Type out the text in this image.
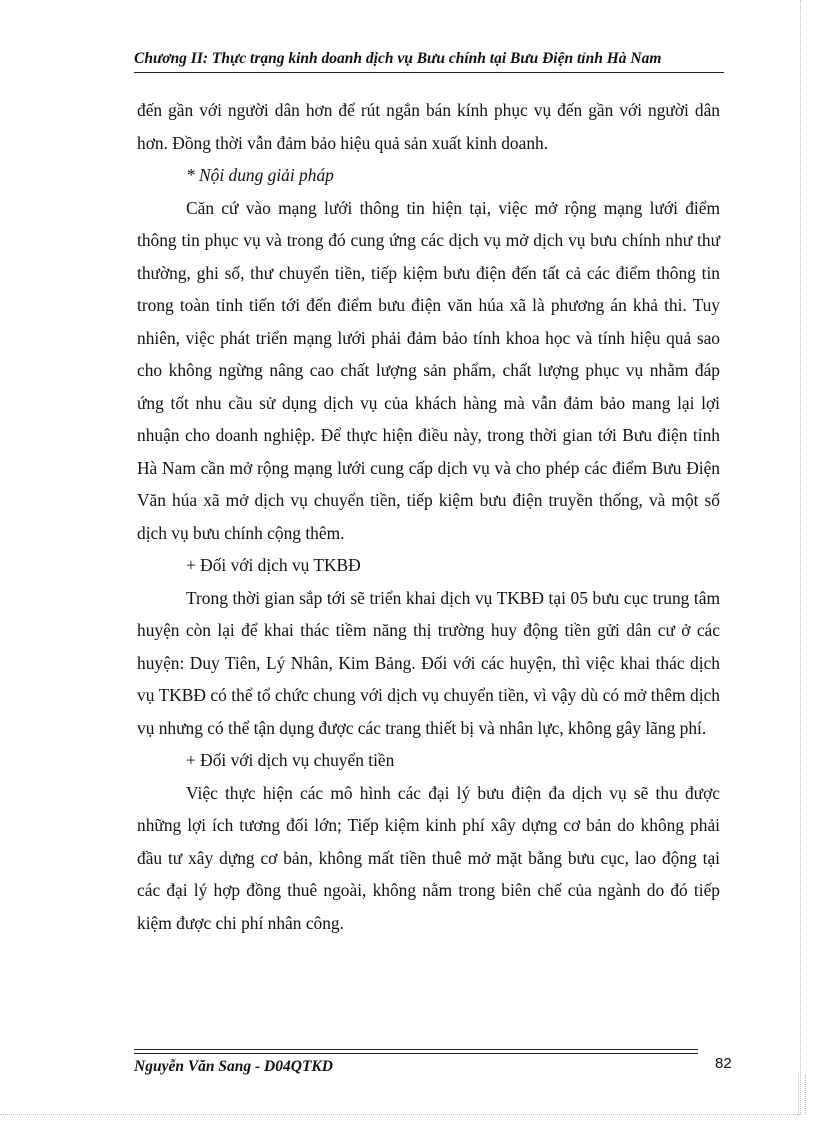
Chương II: Thực trạng kinh doanh dịch vụ Bưu chính tại Bưu Điện tỉnh Hà Nam

đến gần với người dân hơn để rút ngắn bán kính phục vụ đến gần với người dân hơn. Đồng thời vẫn đảm bảo hiệu quả sản xuất kinh doanh.

* Nội dung giải pháp

Căn cứ vào mạng lưới thông tin hiện tại, việc mở rộng mạng lưới điểm thông tin phục vụ và trong đó cung ứng các dịch vụ mở dịch vụ bưu chính như thư thường, ghi số, thư chuyển tiền, tiếp kiệm bưu điện đến tất cả các điểm thông tin trong toàn tỉnh tiến tới đến điểm bưu điện văn húa xã là phương án khả thi. Tuy nhiên, việc phát triển mạng lưới phải đảm bảo tính khoa học và tính hiệu quả sao cho không ngừng nâng cao chất lượng sản phẩm, chất lượng phục vụ nhằm đáp ứng tốt nhu cầu sử dụng dịch vụ của khách hàng mà vẫn đảm bảo mang lại lợi nhuận cho doanh nghiệp. Để thực hiện điều này, trong thời gian tới Bưu điện tỉnh Hà Nam cần mở rộng mạng lưới cung cấp dịch vụ và cho phép các điểm Bưu Điện Văn húa xã mở dịch vụ chuyển tiền, tiếp kiệm bưu điện truyền thống, và một số dịch vụ bưu chính cộng thêm.

+ Đối với dịch vụ TKBĐ

Trong thời gian sắp tới sẽ triển khai dịch vụ TKBĐ tại 05 bưu cục trung tâm huyện còn lại để khai thác tiềm năng thị trường huy động tiền gửi dân cư ở các huyện: Duy Tiên, Lý Nhân, Kim Bảng. Đối với các huyện, thì việc khai thác dịch vụ TKBĐ có thể tổ chức chung với dịch vụ chuyển tiền, vì vậy dù có mở thêm dịch vụ nhưng có thể tận dụng được các trang thiết bị và nhân lực, không gây lãng phí.

+ Đối với dịch vụ chuyển tiền

Việc thực hiện các mô hình các đại lý bưu điện đa dịch vụ sẽ thu được những lợi ích tương đối lớn; Tiếp kiệm kinh phí xây dựng cơ bản do không phải đầu tư xây dựng cơ bản, không mất tiền thuê mở mặt bằng bưu cục, lao động tại các đại lý hợp đồng thuê ngoài, không nằm trong biên chế của ngành do đó tiếp kiệm được chi phí nhân công.

Nguyễn Văn Sang - D04QTKD	82
